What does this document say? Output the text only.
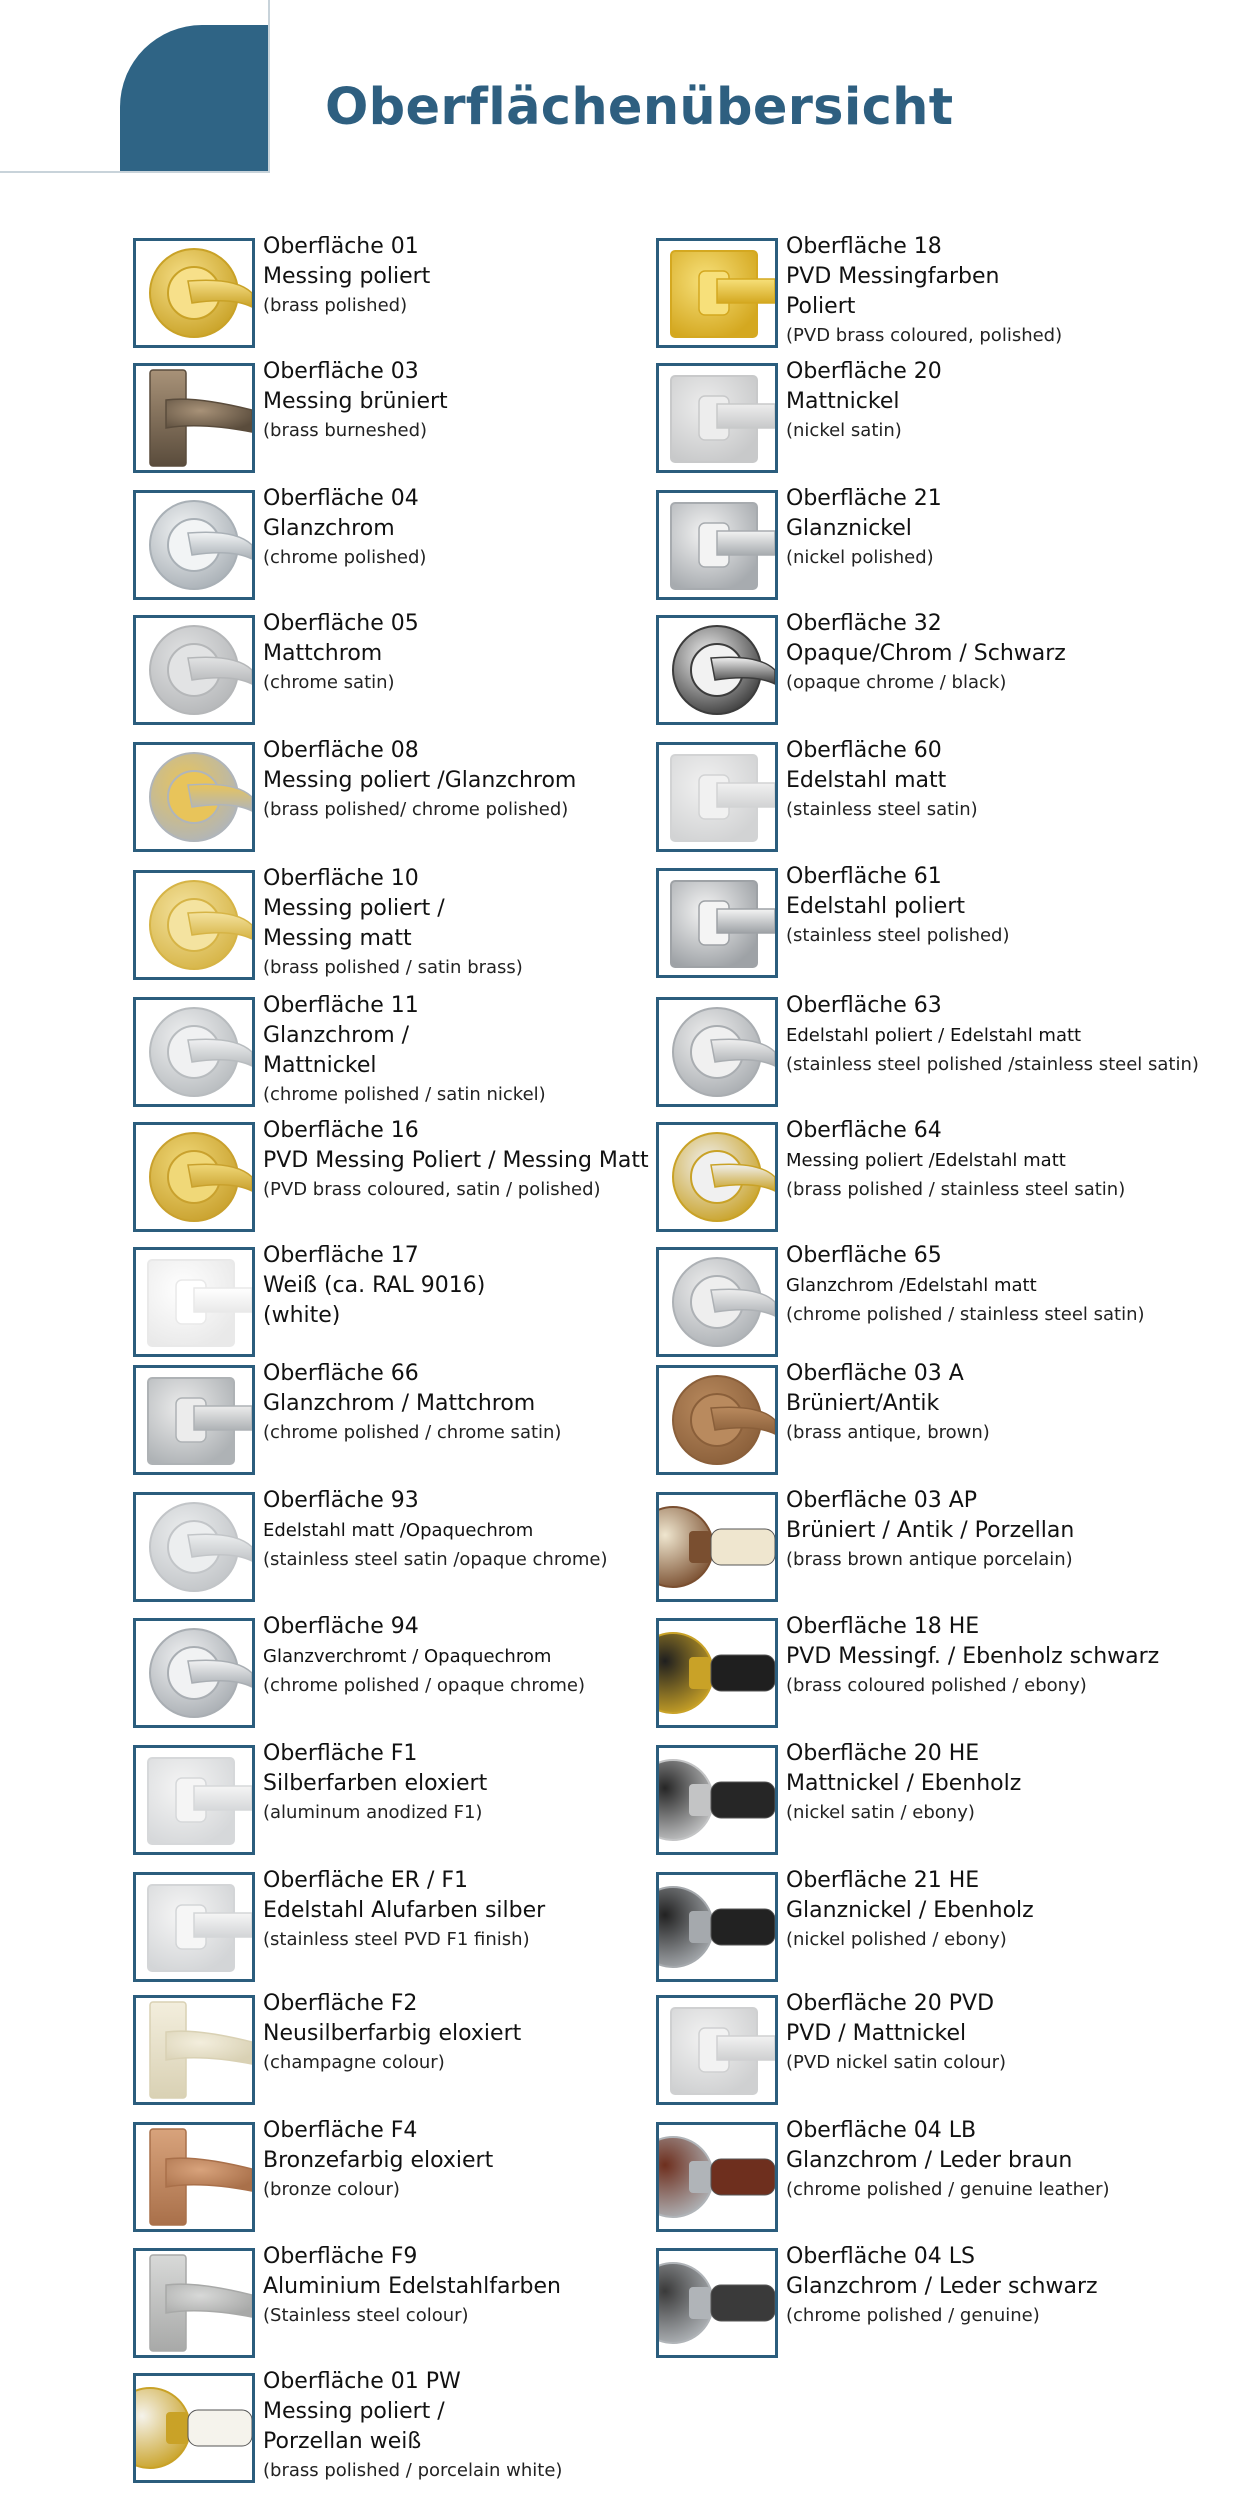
Oberflächenübersicht
Oberfläche 01
Messing poliert
(brass polished)
Oberfläche 03
Messing brüniert
(brass burneshed)
Oberfläche 04
Glanzchrom
(chrome polished)
Oberfläche 05
Mattchrom
(chrome satin)
Oberfläche 08
Messing poliert /Glanzchrom
(brass polished/ chrome polished)
Oberfläche 10
Messing poliert /
Messing matt
(brass polished / satin brass)
Oberfläche 11
Glanzchrom /
Mattnickel
(chrome polished / satin nickel)
Oberfläche 16
PVD Messing Poliert / Messing Matt
(PVD brass coloured, satin / polished)
Oberfläche 17
Weiß (ca. RAL 9016)
(white)
Oberfläche 66
Glanzchrom / Mattchrom
(chrome polished / chrome satin)
Oberfläche 93
Edelstahl matt /Opaquechrom
(stainless steel satin /opaque chrome)
Oberfläche 94
Glanzverchromt / Opaquechrom
(chrome polished / opaque chrome)
Oberfläche F1
Silberfarben eloxiert
(aluminum anodized F1)
Oberfläche ER / F1
Edelstahl Alufarben silber
(stainless steel PVD F1 finish)
Oberfläche F2
Neusilberfarbig eloxiert
(champagne colour)
Oberfläche F4
Bronzefarbig eloxiert
(bronze colour)
Oberfläche F9
Aluminium Edelstahlfarben
(Stainless steel colour)
Oberfläche 01 PW
Messing poliert /
Porzellan weiß
(brass polished / porcelain white)
Oberfläche 18
PVD Messingfarben
Poliert
(PVD brass coloured, polished)
Oberfläche 20
Mattnickel
(nickel satin)
Oberfläche 21
Glanznickel
(nickel polished)
Oberfläche 32
Opaque/Chrom / Schwarz
(opaque chrome / black)
Oberfläche 60
Edelstahl matt
(stainless steel satin)
Oberfläche 61
Edelstahl poliert
(stainless steel polished)
Oberfläche 63
Edelstahl poliert / Edelstahl matt
(stainless steel polished /stainless steel satin)
Oberfläche 64
Messing poliert /Edelstahl matt
(brass polished / stainless steel satin)
Oberfläche 65
Glanzchrom /Edelstahl matt
(chrome polished / stainless steel satin)
Oberfläche 03 A
Brüniert/Antik
(brass antique, brown)
Oberfläche 03 AP
Brüniert / Antik / Porzellan
(brass brown antique porcelain)
Oberfläche 18 HE
PVD Messingf. / Ebenholz schwarz
(brass coloured polished / ebony)
Oberfläche 20 HE
Mattnickel / Ebenholz
(nickel satin / ebony)
Oberfläche 21 HE
Glanznickel / Ebenholz
(nickel polished / ebony)
Oberfläche 20 PVD
PVD / Mattnickel
(PVD nickel satin colour)
Oberfläche 04 LB
Glanzchrom / Leder braun
(chrome polished / genuine leather)
Oberfläche 04 LS
Glanzchrom / Leder schwarz
(chrome polished / genuine)
